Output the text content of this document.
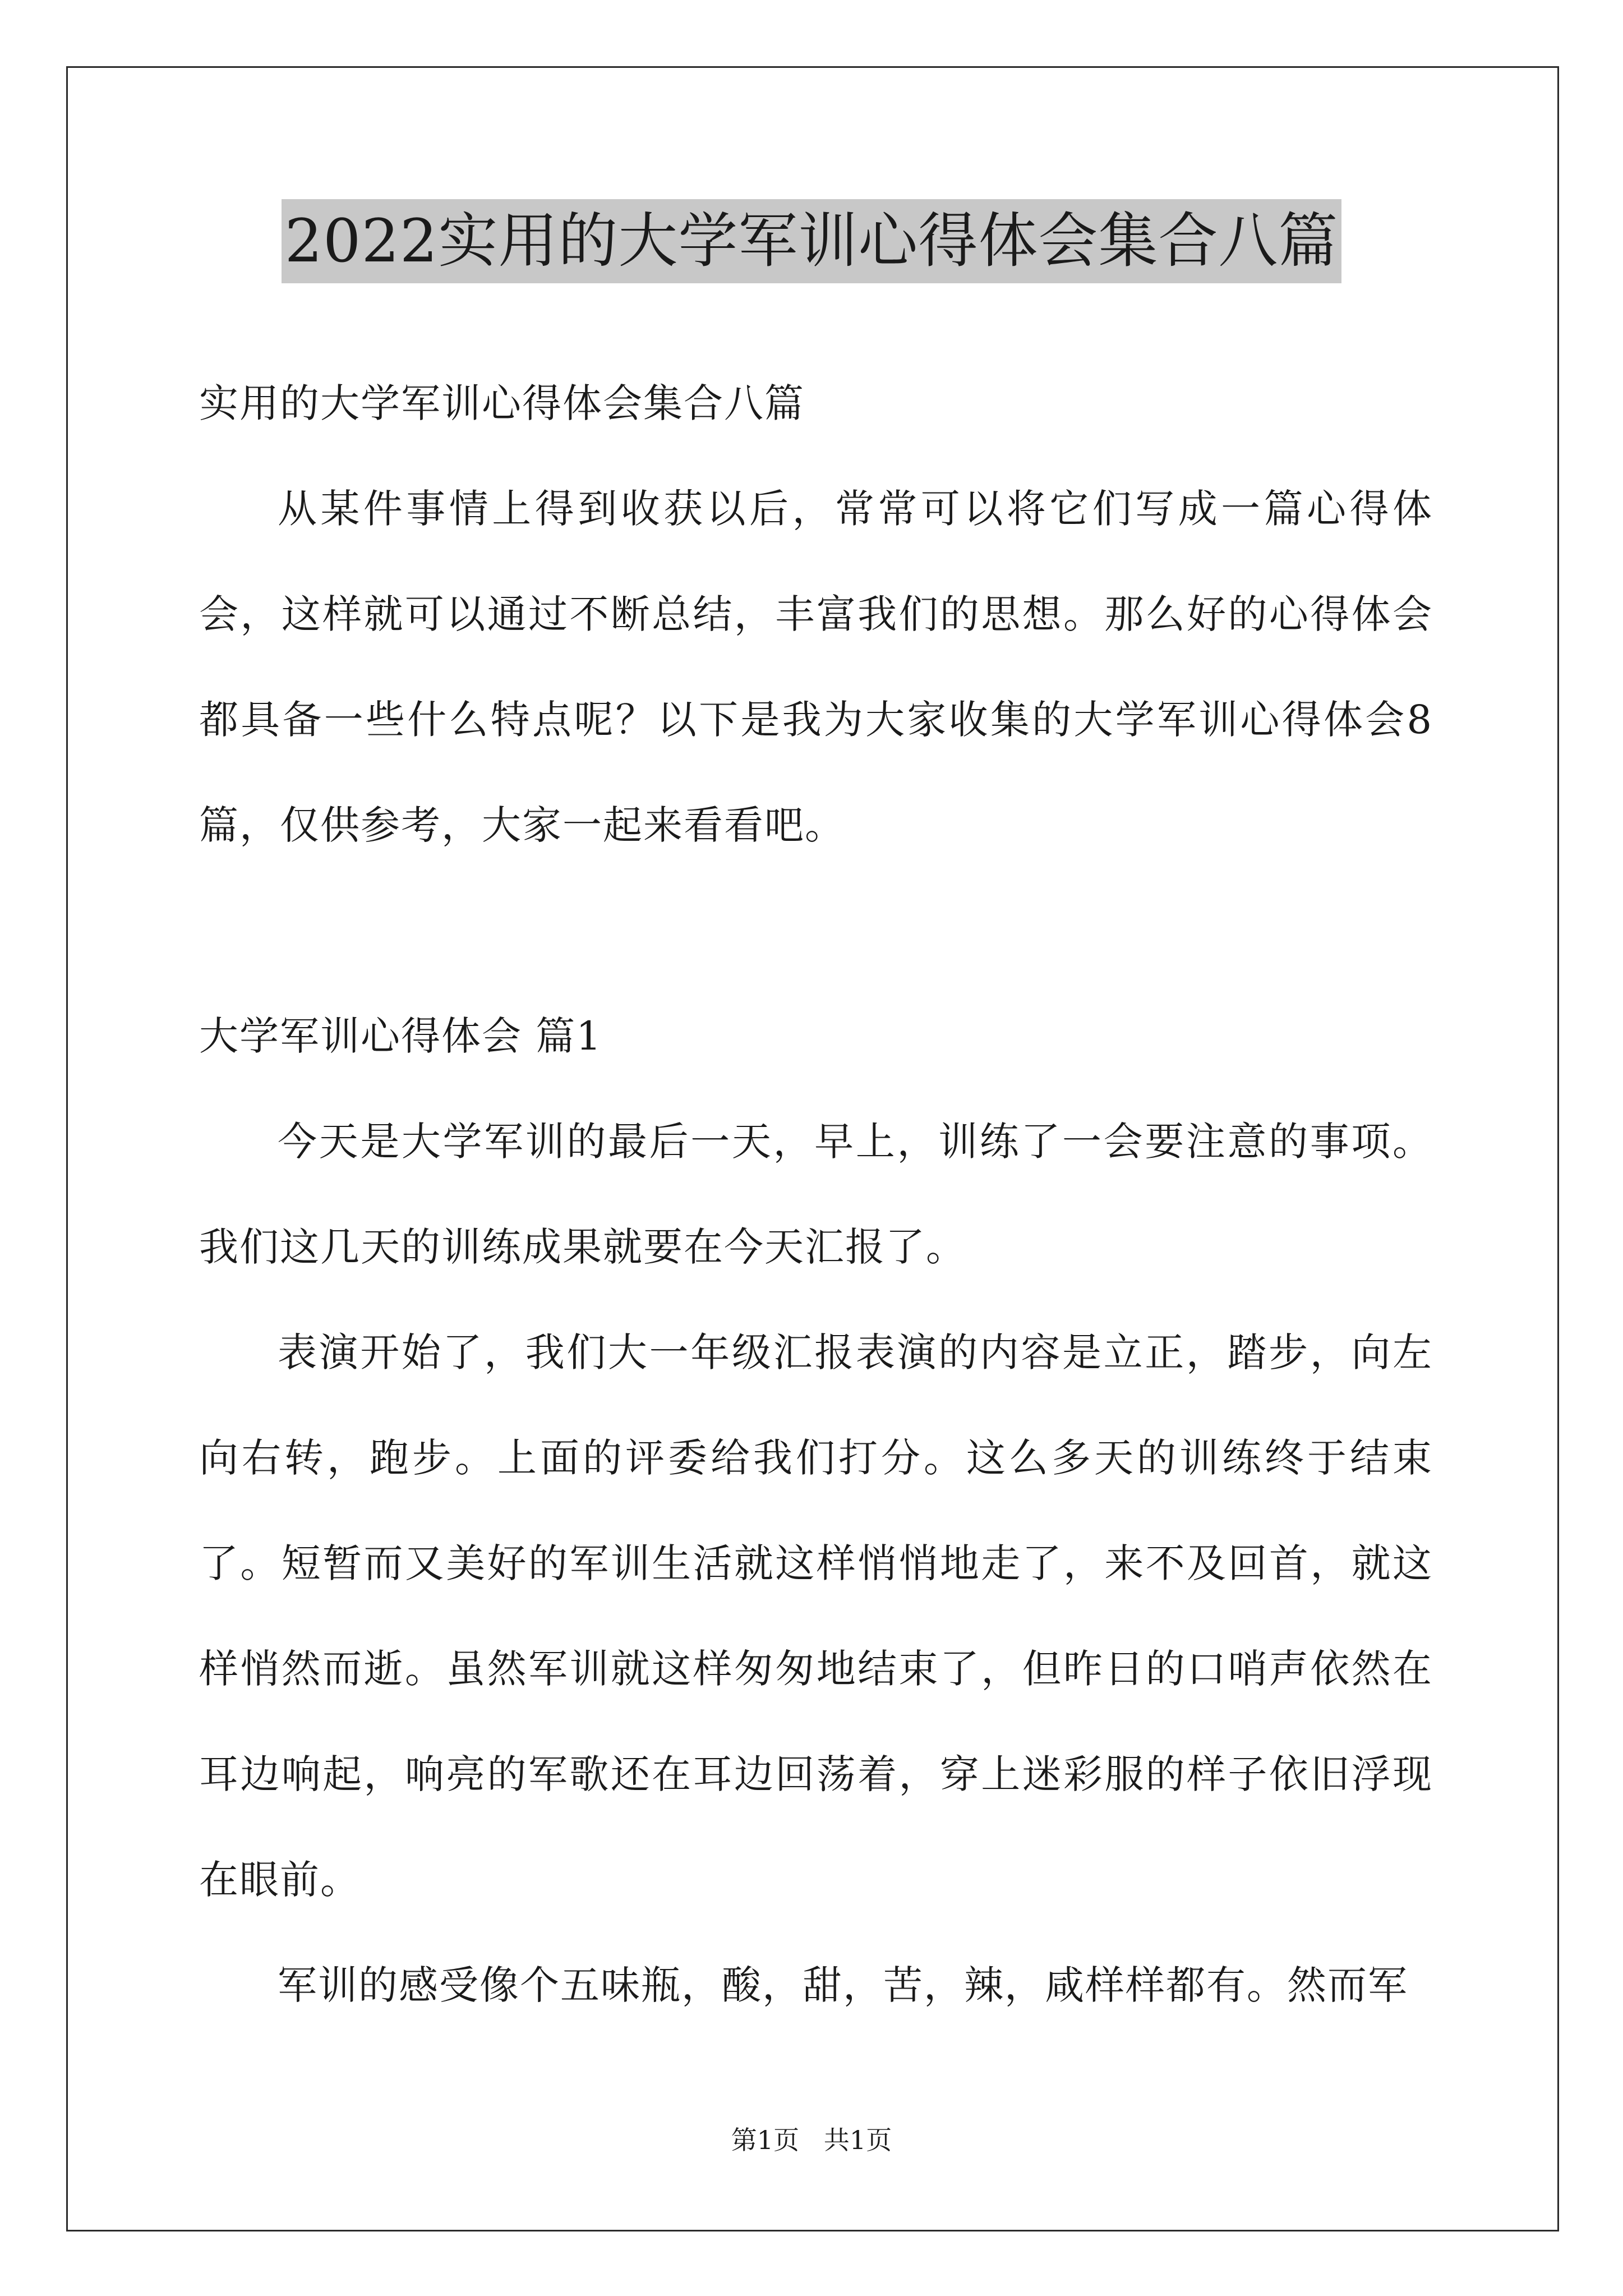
2022实用的大学军训心得体会集合八篇

实用的大学军训心得体会集合八篇

从某件事情上得到收获以后，常常可以将它们写成一篇心得体会，这样就可以通过不断总结，丰富我们的思想。那么好的心得体会都具备一些什么特点呢？以下是我为大家收集的大学军训心得体会8篇，仅供参考，大家一起来看看吧。

大学军训心得体会 篇1

今天是大学军训的最后一天，早上，训练了一会要注意的事项。我们这几天的训练成果就要在今天汇报了。

表演开始了，我们大一年级汇报表演的内容是立正，踏步，向左向右转，跑步。上面的评委给我们打分。这么多天的训练终于结束了。短暂而又美好的军训生活就这样悄悄地走了，来不及回首，就这样悄然而逝。虽然军训就这样匆匆地结束了，但昨日的口哨声依然在耳边响起，响亮的军歌还在耳边回荡着，穿上迷彩服的样子依旧浮现在眼前。

军训的感受像个五味瓶，酸，甜，苦，辣，咸样样都有。然而军

第1页   共1页
